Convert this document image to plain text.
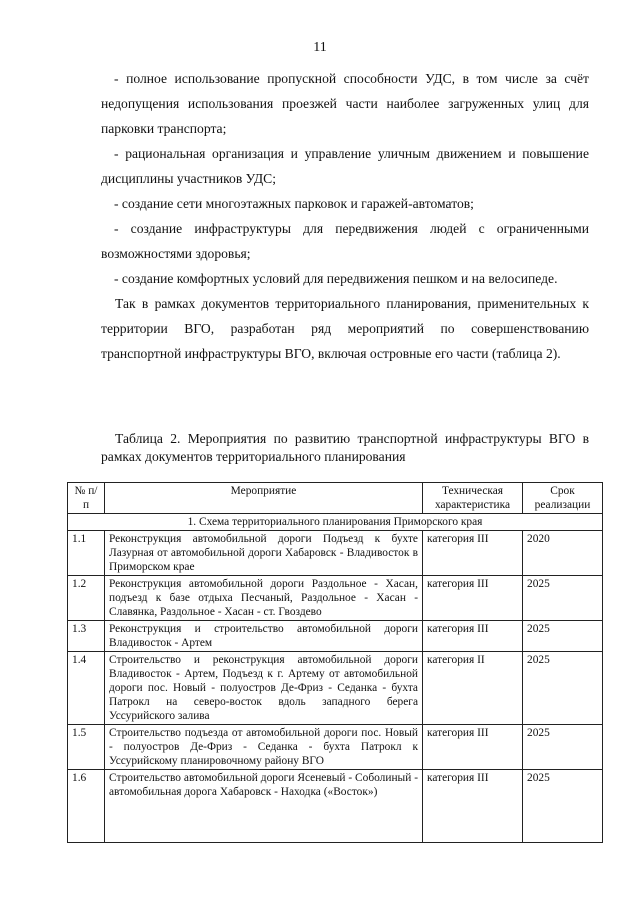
11

- полное использование пропускной способности УДС, в том числе за счёт недопущения использования проезжей части наиболее загруженных улиц для парковки транспорта;

- рациональная организация и управление уличным движением и повышение дисциплины участников УДС;

- создание сети многоэтажных парковок и гаражей-автоматов;

- создание инфраструктуры для передвижения людей с ограниченными возможностями здоровья;

- создание комфортных условий для передвижения пешком и на велосипеде.

Так в рамках документов территориального планирования, применительных к территории ВГО, разработан ряд мероприятий по совершенствованию транспортной инфраструктуры ВГО, включая островные его части (таблица 2).

Таблица 2. Мероприятия по развитию транспортной инфраструктуры ВГО в рамках документов территориального планирования

№ п/п	Мероприятие	Техническая характеристика	Срок реализации
1. Схема территориального планирования Приморского края			
1.1	Реконструкция автомобильной дороги Подъезд к бухте Лазурная от автомобильной дороги Хабаровск - Владивосток в Приморском крае	категория III	2020
1.2	Реконструкция автомобильной дороги Раздольное - Хасан, подъезд к базе отдыха Песчаный, Раздольное - Хасан - Славянка, Раздольное - Хасан - ст. Гвоздево	категория III	2025
1.3	Реконструкция и строительство автомобильной дороги Владивосток - Артем	категория III	2025
1.4	Строительство и реконструкция автомобильной дороги Владивосток - Артем, Подъезд к г. Артему от автомобильной дороги пос. Новый - полуостров Де-Фриз - Седанка - бухта Патрокл на северо-восток вдоль западного берега Уссурийского залива	категория II	2025
1.5	Строительство подъезда от автомобильной дороги пос. Новый - полуостров Де-Фриз - Седанка - бухта Патрокл к Уссурийскому планировочному району ВГО	категория III	2025
1.6	Строительство автомобильной дороги Ясеневый - Соболиный - автомобильная дорога Хабаровск - Находка («Восток»)	категория III	2025
